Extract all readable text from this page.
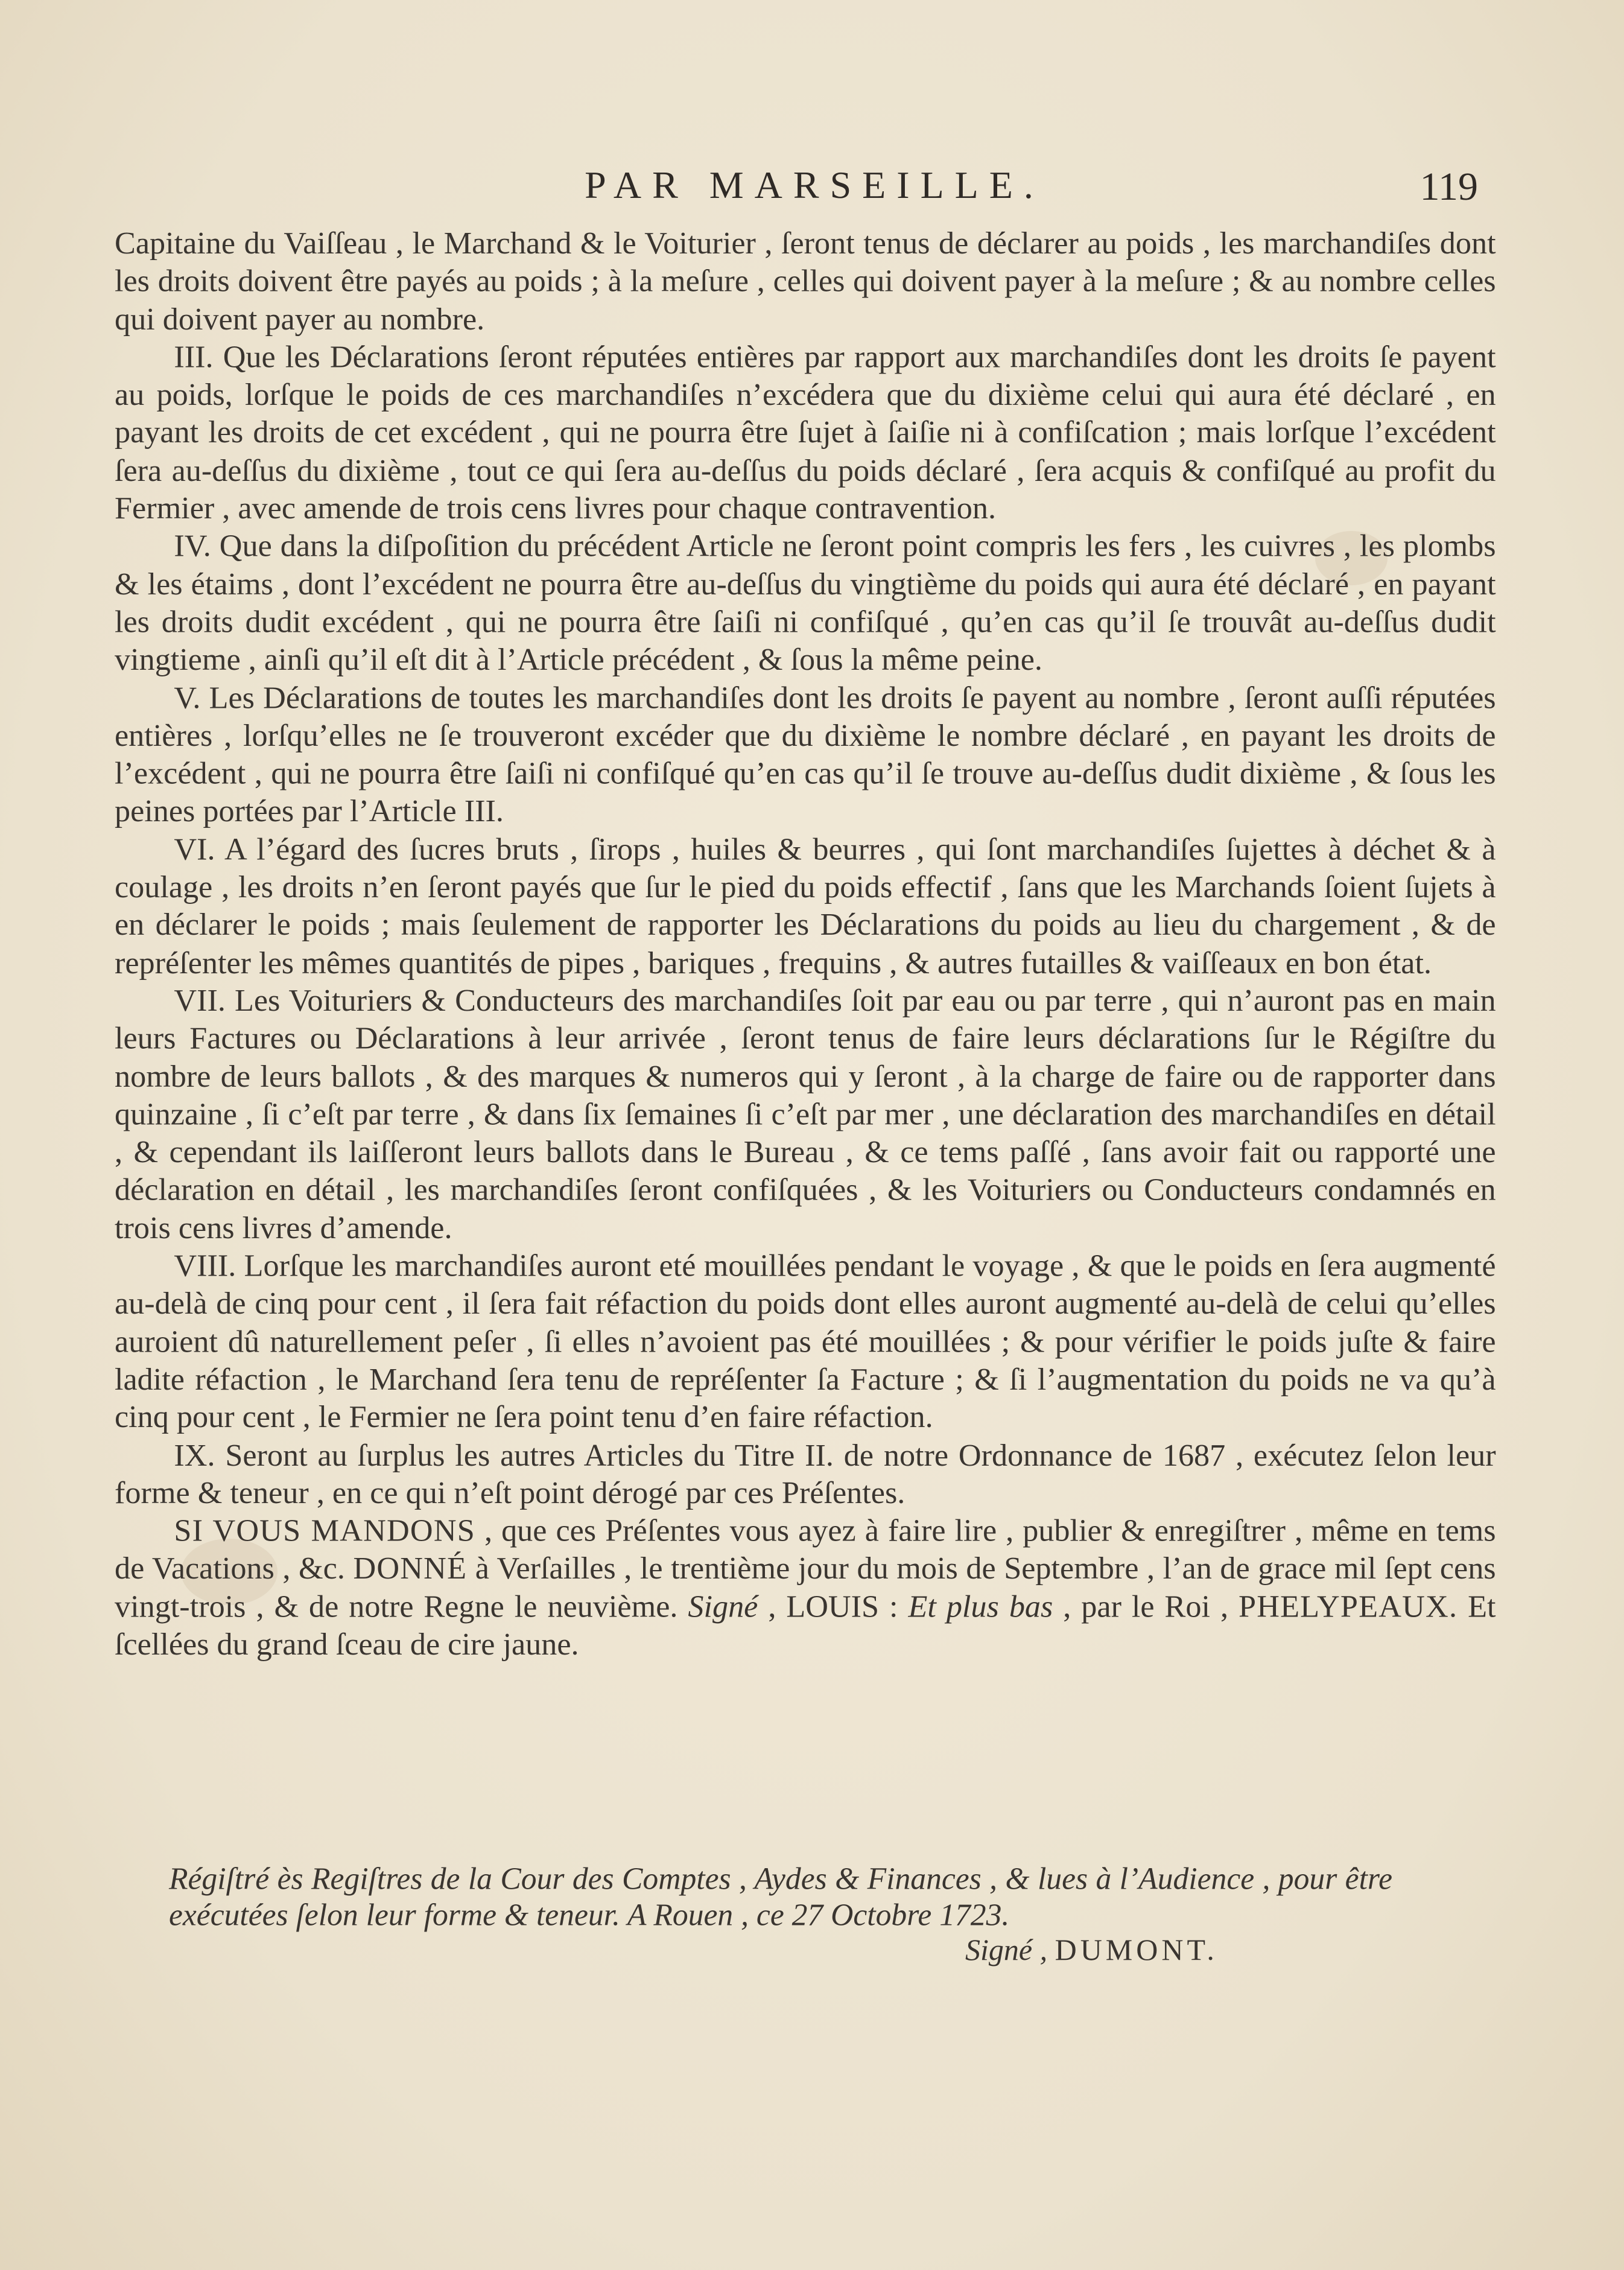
PAR MARSEILLE.	119

Capitaine du Vaiſſeau , le Marchand & le Voiturier , ſeront tenus de déclarer au poids , les marchandiſes dont les droits doivent être payés au poids ; à la meſure , celles qui doivent payer à la meſure ; & au nombre celles qui doivent payer au nombre.

III. Que les Déclarations ſeront réputées entières par rapport aux marchandiſes dont les droits ſe payent au poids, lorſque le poids de ces marchandiſes n’excédera que du dixième celui qui aura été déclaré , en payant les droits de cet excédent , qui ne pourra être ſujet à ſaiſie ni à confiſcation ; mais lorſque l’excédent ſera au-deſſus du dixième , tout ce qui ſera au-deſſus du poids déclaré , ſera acquis & confiſqué au profit du Fermier , avec amende de trois cens livres pour chaque contravention.

IV. Que dans la diſpoſition du précédent Article ne ſeront point compris les fers , les cuivres , les plombs & les étaims , dont l’excédent ne pourra être au-deſſus du vingtième du poids qui aura été déclaré , en payant les droits dudit excédent , qui ne pourra être ſaiſi ni confiſqué , qu’en cas qu’il ſe trouvât au-deſſus dudit vingtieme , ainſi qu’il eſt dit à l’Article précédent , & ſous la même peine.

V. Les Déclarations de toutes les marchandiſes dont les droits ſe payent au nombre , ſeront auſſi réputées entières , lorſqu’elles ne ſe trouveront excéder que du dixième le nombre déclaré , en payant les droits de l’excédent , qui ne pourra être ſaiſi ni confiſqué qu’en cas qu’il ſe trouve au-deſſus dudit dixième , & ſous les peines portées par l’Article III.

VI. A l’égard des ſucres bruts , ſirops , huiles & beurres , qui ſont marchandiſes ſujettes à déchet & à coulage , les droits n’en ſeront payés que ſur le pied du poids effectif , ſans que les Marchands ſoient ſujets à en déclarer le poids ; mais ſeulement de rapporter les Déclarations du poids au lieu du chargement , & de repréſenter les mêmes quantités de pipes , bariques , frequins , & autres futailles & vaiſſeaux en bon état.

VII. Les Voituriers & Conducteurs des marchandiſes ſoit par eau ou par terre , qui n’auront pas en main leurs Factures ou Déclarations à leur arrivée , ſeront tenus de faire leurs déclarations ſur le Régiſtre du nombre de leurs ballots , & des marques & numeros qui y ſeront , à la charge de faire ou de rapporter dans quinzaine , ſi c’eſt par terre , & dans ſix ſemaines ſi c’eſt par mer , une déclaration des marchandiſes en détail , & cependant ils laiſſeront leurs ballots dans le Bureau , & ce tems paſſé , ſans avoir fait ou rapporté une déclaration en détail , les marchandiſes ſeront confiſquées , & les Voituriers ou Conducteurs condamnés en trois cens livres d’amende.

VIII. Lorſque les marchandiſes auront eté mouillées pendant le voyage , & que le poids en ſera augmenté au-delà de cinq pour cent , il ſera fait réfaction du poids dont elles auront augmenté au-delà de celui qu’elles auroient dû naturellement peſer , ſi elles n’avoient pas été mouillées ; & pour vérifier le poids juſte & faire ladite réfaction , le Marchand ſera tenu de repréſenter ſa Facture ; & ſi l’augmentation du poids ne va qu’à cinq pour cent , le Fermier ne ſera point tenu d’en faire réfaction.

IX. Seront au ſurplus les autres Articles du Titre II. de notre Ordonnance de 1687 , exécutez ſelon leur forme & teneur , en ce qui n’eſt point dérogé par ces Préſentes.

SI VOUS MANDONS , que ces Préſentes vous ayez à faire lire , publier & enregiſtrer , même en tems de Vacations , &c. DONNÉ à Verſailles , le trentième jour du mois de Septembre , l’an de grace mil ſept cens vingt-trois , & de notre Regne le neuvième. Signé , LOUIS : Et plus bas , par le Roi , PHELYPEAUX. Et ſcellées du grand ſceau de cire jaune.

Régiſtré ès Regiſtres de la Cour des Comptes , Aydes & Finances , & lues à l’Audience , pour être exécutées ſelon leur forme & teneur. A Rouen , ce 27 Octobre 1723.

Signé , DUMONT.
